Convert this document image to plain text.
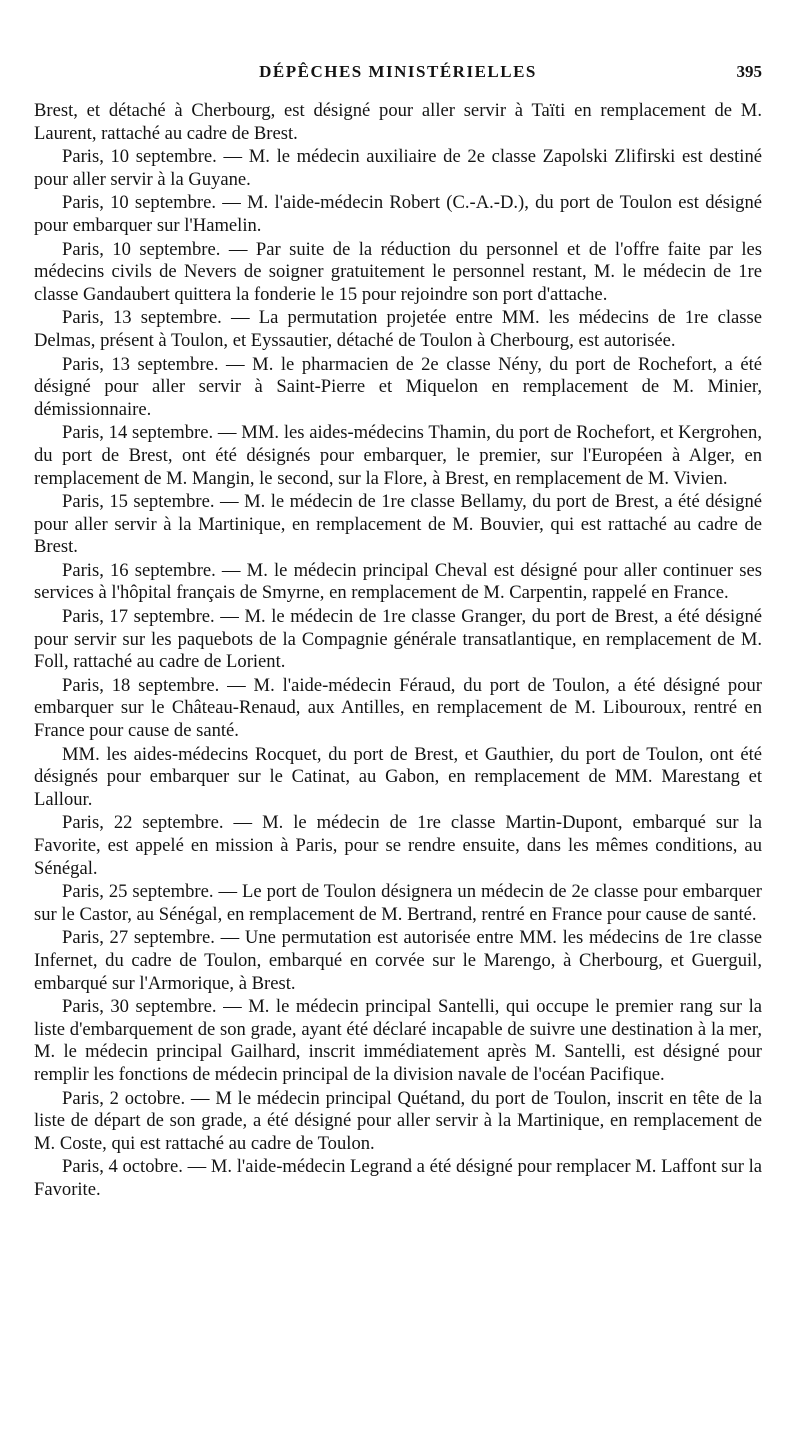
DÉPÊCHES MINISTÉRIELLES	395

Brest, et détaché à Cherbourg, est désigné pour aller servir à Taïti en remplacement de M. Laurent, rattaché au cadre de Brest.

Paris, 10 septembre. — M. le médecin auxiliaire de 2e classe Zapolski Zlifirski est destiné pour aller servir à la Guyane.

Paris, 10 septembre. — M. l'aide-médecin Robert (C.-A.-D.), du port de Toulon est désigné pour embarquer sur l'Hamelin.

Paris, 10 septembre. — Par suite de la réduction du personnel et de l'offre faite par les médecins civils de Nevers de soigner gratuitement le personnel restant, M. le médecin de 1re classe Gandaubert quittera la fonderie le 15 pour rejoindre son port d'attache.

Paris, 13 septembre. — La permutation projetée entre MM. les médecins de 1re classe Delmas, présent à Toulon, et Eyssautier, détaché de Toulon à Cherbourg, est autorisée.

Paris, 13 septembre. — M. le pharmacien de 2e classe Nény, du port de Rochefort, a été désigné pour aller servir à Saint-Pierre et Miquelon en remplacement de M. Minier, démissionnaire.

Paris, 14 septembre. — MM. les aides-médecins Thamin, du port de Rochefort, et Kergrohen, du port de Brest, ont été désignés pour embarquer, le premier, sur l'Européen à Alger, en remplacement de M. Mangin, le second, sur la Flore, à Brest, en remplacement de M. Vivien.

Paris, 15 septembre. — M. le médecin de 1re classe Bellamy, du port de Brest, a été désigné pour aller servir à la Martinique, en remplacement de M. Bouvier, qui est rattaché au cadre de Brest.

Paris, 16 septembre. — M. le médecin principal Cheval est désigné pour aller continuer ses services à l'hôpital français de Smyrne, en remplacement de M. Carpentin, rappelé en France.

Paris, 17 septembre. — M. le médecin de 1re classe Granger, du port de Brest, a été désigné pour servir sur les paquebots de la Compagnie générale transatlantique, en remplacement de M. Foll, rattaché au cadre de Lorient.

Paris, 18 septembre. — M. l'aide-médecin Féraud, du port de Toulon, a été désigné pour embarquer sur le Château-Renaud, aux Antilles, en remplacement de M. Libouroux, rentré en France pour cause de santé.

MM. les aides-médecins Rocquet, du port de Brest, et Gauthier, du port de Toulon, ont été désignés pour embarquer sur le Catinat, au Gabon, en remplacement de MM. Marestang et Lallour.

Paris, 22 septembre. — M. le médecin de 1re classe Martin-Dupont, embarqué sur la Favorite, est appelé en mission à Paris, pour se rendre ensuite, dans les mêmes conditions, au Sénégal.

Paris, 25 septembre. — Le port de Toulon désignera un médecin de 2e classe pour embarquer sur le Castor, au Sénégal, en remplacement de M. Bertrand, rentré en France pour cause de santé.

Paris, 27 septembre. — Une permutation est autorisée entre MM. les médecins de 1re classe Infernet, du cadre de Toulon, embarqué en corvée sur le Marengo, à Cherbourg, et Guerguil, embarqué sur l'Armorique, à Brest.

Paris, 30 septembre. — M. le médecin principal Santelli, qui occupe le premier rang sur la liste d'embarquement de son grade, ayant été déclaré incapable de suivre une destination à la mer, M. le médecin principal Gailhard, inscrit immédiatement après M. Santelli, est désigné pour remplir les fonctions de médecin principal de la division navale de l'océan Pacifique.

Paris, 2 octobre. — M le médecin principal Quétand, du port de Toulon, inscrit en tête de la liste de départ de son grade, a été désigné pour aller servir à la Martinique, en remplacement de M. Coste, qui est rattaché au cadre de Toulon.

Paris, 4 octobre. — M. l'aide-médecin Legrand a été désigné pour remplacer M. Laffont sur la Favorite.
